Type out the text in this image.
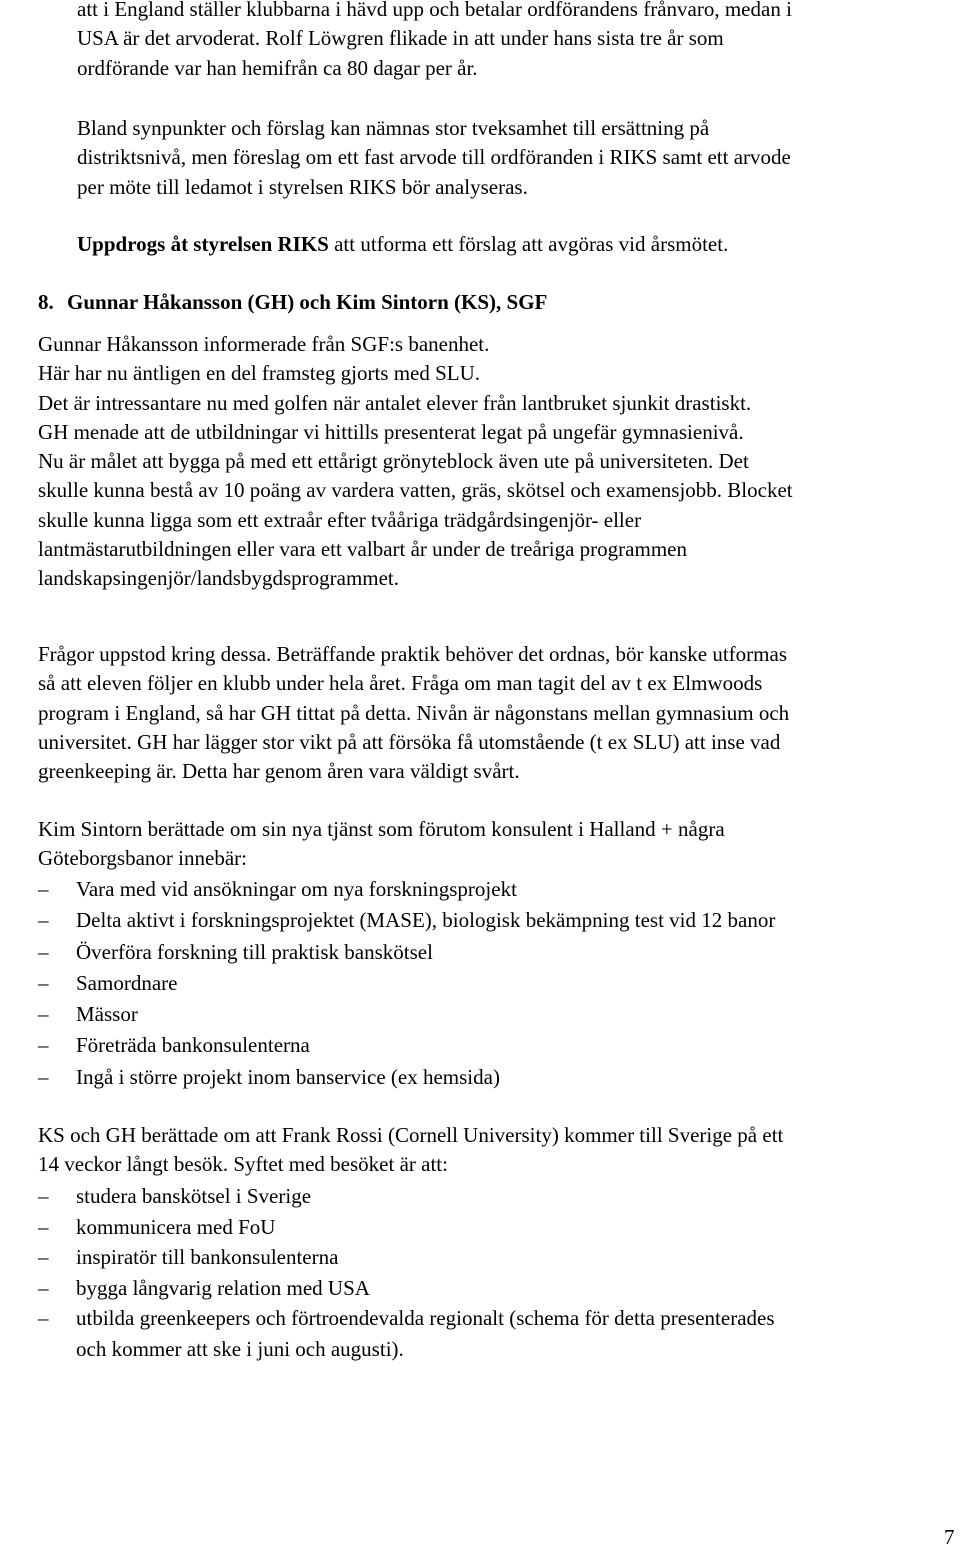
att i England ställer klubbarna i hävd upp och betalar ordförandens frånvaro, medan i
USA är det arvoderat. Rolf Löwgren flikade in att under hans sista tre år som
ordförande var han hemifrån ca 80 dagar per år.
Bland synpunkter och förslag kan nämnas stor tveksamhet till ersättning på
distriktsnivå, men föreslag om ett fast arvode till ordföranden i RIKS samt ett arvode
per möte till ledamot i styrelsen RIKS bör analyseras.
Uppdrogs åt styrelsen RIKS att utforma ett förslag att avgöras vid årsmötet.
8. Gunnar Håkansson (GH) och Kim Sintorn (KS), SGF
Gunnar Håkansson informerade från SGF:s banenhet.
Här har nu äntligen en del framsteg gjorts med SLU.
Det är intressantare nu med golfen när antalet elever från lantbruket sjunkit drastiskt.
GH menade att de utbildningar vi hittills presenterat legat på ungefär gymnasienivå.
Nu är målet att bygga på med ett ettårigt grönyteblock även ute på universiteten. Det
skulle kunna bestå av 10 poäng av vardera vatten, gräs, skötsel och examensjobb. Blocket
skulle kunna ligga som ett extraår efter tvååriga trädgårdsingenjör- eller
lantmästarutbildningen eller vara ett valbart år under de treåriga programmen
landskapsingenjör/landsbygdsprogrammet.
Frågor uppstod kring dessa. Beträffande praktik behöver det ordnas, bör kanske utformas
så att eleven följer en klubb under hela året. Fråga om man tagit del av t ex Elmwoods
program i England, så har GH tittat på detta. Nivån är någonstans mellan gymnasium och
universitet. GH har lägger stor vikt på att försöka få utomstående (t ex SLU) att inse vad
greenkeeping är. Detta har genom åren vara väldigt svårt.
Kim Sintorn berättade om sin nya tjänst som förutom konsulent i Halland + några
Göteborgsbanor innebär:
– Vara med vid ansökningar om nya forskningsprojekt
– Delta aktivt i forskningsprojektet (MASE), biologisk bekämpning test vid 12 banor
– Överföra forskning till praktisk banskötsel
– Samordnare
– Mässor
– Företräda bankonsulenterna
– Ingå i större projekt inom banservice (ex hemsida)
KS och GH berättade om att Frank Rossi (Cornell University) kommer till Sverige på ett
14 veckor långt besök. Syftet med besöket är att:
– studera banskötsel i Sverige
– kommunicera med FoU
– inspiratör till bankonsulenterna
– bygga långvarig relation med USA
– utbilda greenkeepers och förtroendevalda regionalt (schema för detta presenterades
och kommer att ske i juni och augusti).
7
